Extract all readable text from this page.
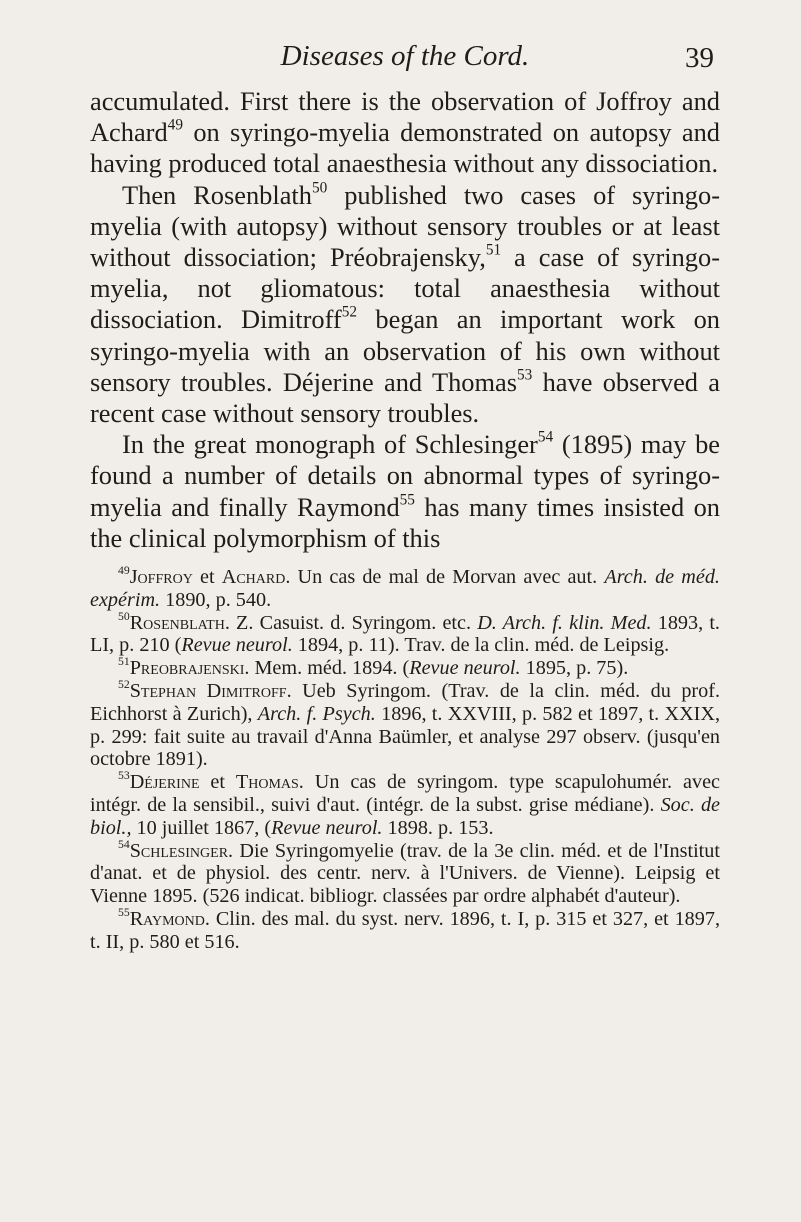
Diseases of the Cord.	39

accumulated. First there is the observation of Joffroy and Achard$^{49}$ on syringo-myelia demonstrated on autopsy and having produced total anaesthesia without any dissociation.

Then Rosenblath$^{50}$ published two cases of syringo-myelia (with autopsy) without sensory troubles or at least without dissociation; Préobrajensky,$^{51}$ a case of syringo-myelia, not gliomatous: total anaesthesia without dissociation. Dimitroff$^{52}$ began an important work on syringo-myelia with an observation of his own without sensory troubles. Déjerine and Thomas$^{53}$ have observed a recent case without sensory troubles.

In the great monograph of Schlesinger$^{54}$ (1895) may be found a number of details on abnormal types of syringo-myelia and finally Raymond$^{55}$ has many times insisted on the clinical polymorphism of this

$^{49}$Joffroy et Achard. Un cas de mal de Morvan avec aut. Arch. de méd. expérim. 1890, p. 540.

$^{50}$Rosenblath. Z. Casuist. d. Syringom. etc. D. Arch. f. klin. Med. 1893, t. LI, p. 210 (Revue neurol. 1894, p. 11). Trav. de la clin. méd. de Leipsig.

$^{51}$Preobrajenski. Mem. méd. 1894. (Revue neurol. 1895, p. 75).

$^{52}$Stephan Dimitroff. Ueb Syringom. (Trav. de la clin. méd. du prof. Eichhorst à Zurich), Arch. f. Psych. 1896, t. XXVIII, p. 582 et 1897, t. XXIX, p. 299: fait suite au travail d'Anna Baümler, et analyse 297 observ. (jusqu'en octobre 1891).

$^{53}$Déjerine et Thomas. Un cas de syringom. type scapulohumér. avec intégr. de la sensibil., suivi d'aut. (intégr. de la subst. grise médiane). Soc. de biol., 10 juillet 1867, (Revue neurol. 1898. p. 153.

$^{54}$Schlesinger. Die Syringomyelie (trav. de la 3e clin. méd. et de l'Institut d'anat. et de physiol. des centr. nerv. à l'Univers. de Vienne). Leipsig et Vienne 1895. (526 indicat. bibliogr. classées par ordre alphabét d'auteur).

$^{55}$Raymond. Clin. des mal. du syst. nerv. 1896, t. I, p. 315 et 327, et 1897, t. II, p. 580 et 516.
